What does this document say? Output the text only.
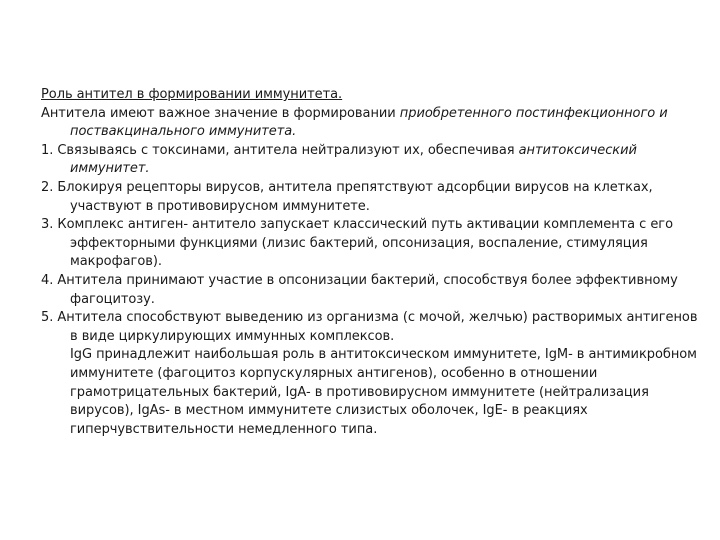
Роль антител в формировании иммунитета.
Антитела имеют важное значение в формировании приобретенного постинфекционного и поствакцинального иммунитета.
1. Связываясь с токсинами, антитела нейтрализуют их, обеспечивая антитоксический иммунитет.
2. Блокируя рецепторы вирусов, антитела препятствуют адсорбции вирусов на клетках, участвуют в противовирусном иммунитете.
3. Комплекс антиген- антитело запускает классический путь активации комплемента с его эффекторными функциями (лизис бактерий, опсонизация, воспаление, стимуляция макрофагов).
4. Антитела принимают участие в опсонизации бактерий, способствуя более эффективному фагоцитозу.
5. Антитела способствуют выведению из организма (с мочой, желчью) растворимых антигенов в виде циркулирующих иммунных комплексов.
IgG принадлежит наибольшая роль в антитоксическом иммунитете, IgM- в антимикробном иммунитете (фагоцитоз корпускулярных антигенов), особенно в отношении грамотрицательных бактерий, IgA- в противовирусном иммунитете (нейтрализация вирусов), IgAs- в местном иммунитете слизистых оболочек, IgE- в реакциях гиперчувствительности немедленного типа.
